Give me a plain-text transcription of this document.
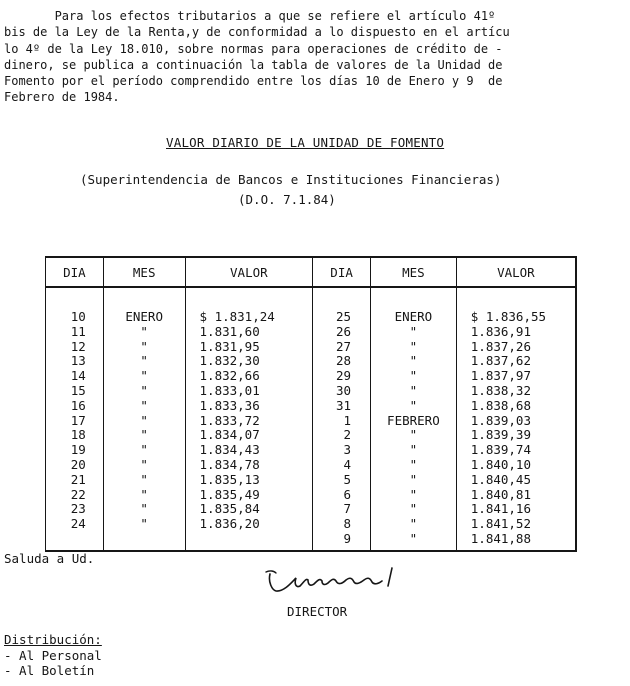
Para los efectos tributarios a que se refiere el artículo 41º
bis de la Ley de la Renta,y de conformidad a lo dispuesto en el artícu
lo 4º de la Ley 18.010, sobre normas para operaciones de crédito de -
dinero, se publica a continuación la tabla de valores de la Unidad de
Fomento por el período comprendido entre los días 10 de Enero y 9  de
Febrero de 1984.
VALOR DIARIO DE LA UNIDAD DE FOMENTO
(Superintendencia de Bancos e Instituciones Financieras)
(D.O. 7.1.84)
DIA	MES	VALOR	DIA	MES	VALOR

10	ENERO	$ 1.831,24	25	ENERO	$ 1.836,55
11	"	1.831,60	26	"	1.836,91
12	"	1.831,95	27	"	1.837,26
13	"	1.832,30	28	"	1.837,62
14	"	1.832,66	29	"	1.837,97
15	"	1.833,01	30	"	1.838,32
16	"	1.833,36	31	"	1.838,68
17	"	1.833,72	1	FEBRERO	1.839,03
18	"	1.834,07	2	"	1.839,39
19	"	1.834,43	3	"	1.839,74
20	"	1.834,78	4	"	1.840,10
21	"	1.835,13	5	"	1.840,45
22	"	1.835,49	6	"	1.840,81
23	"	1.835,84	7	"	1.841,16
24	"	1.836,20	8	"	1.841,52
			9	"	1.841,88
Saluda a Ud.
DIRECTOR
Distribución:
- Al Personal
- Al Boletín
